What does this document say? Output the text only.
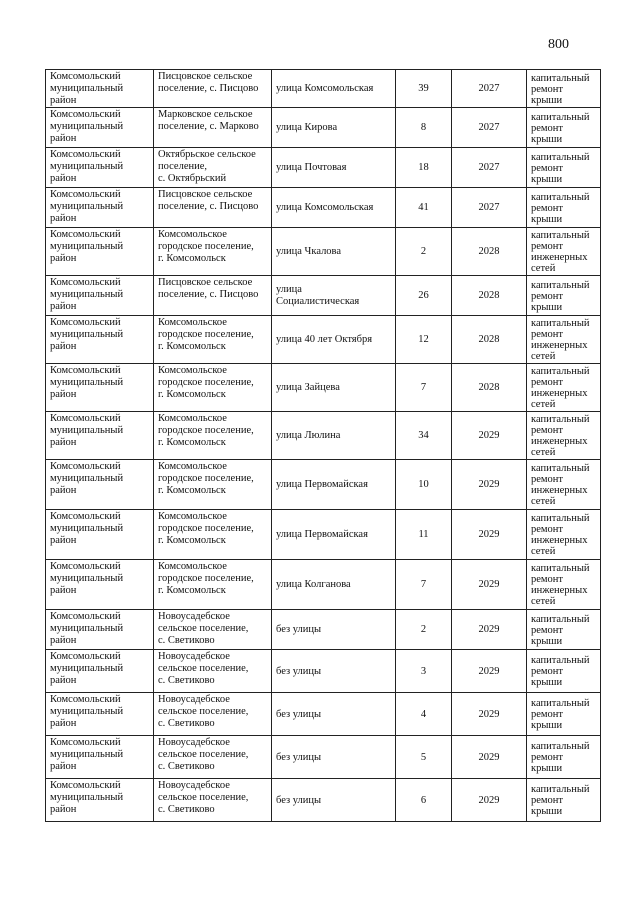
800
Комсомольский
муниципальный
район	Писцовское сельское
поселение, с. Писцово	улица Комсомольская	39	2027	капитальный
ремонт крыши

Комсомольский
муниципальный
район	Марковское сельское
поселение, с. Марково	улица Кирова	8	2027	капитальный
ремонт крыши

Комсомольский
муниципальный
район	Октябрьское сельское
поселение,
с. Октябрьский	улица Почтовая	18	2027	капитальный
ремонт крыши

Комсомольский
муниципальный
район	Писцовское сельское
поселение, с. Писцово	улица Комсомольская	41	2027	капитальный
ремонт крыши

Комсомольский
муниципальный
район	Комсомольское
городское поселение,
г. Комсомольск	улица Чкалова	2	2028	капитальный
ремонт
инженерных
сетей

Комсомольский
муниципальный
район	Писцовское сельское
поселение, с. Писцово	улица
Социалистическая	26	2028	капитальный
ремонт крыши

Комсомольский
муниципальный
район	Комсомольское
городское поселение,
г. Комсомольск	улица 40 лет Октября	12	2028	капитальный
ремонт
инженерных
сетей

Комсомольский
муниципальный
район	Комсомольское
городское поселение,
г. Комсомольск	улица Зайцева	7	2028	капитальный
ремонт
инженерных
сетей

Комсомольский
муниципальный
район	Комсомольское
городское поселение,
г. Комсомольск	улица Люлина	34	2029	капитальный
ремонт
инженерных
сетей

Комсомольский
муниципальный
район	Комсомольское
городское поселение,
г. Комсомольск	улица Первомайская	10	2029	капитальный
ремонт
инженерных
сетей

Комсомольский
муниципальный
район	Комсомольское
городское поселение,
г. Комсомольск	улица Первомайская	11	2029	капитальный
ремонт
инженерных
сетей

Комсомольский
муниципальный
район	Комсомольское
городское поселение,
г. Комсомольск	улица Колганова	7	2029	капитальный
ремонт
инженерных
сетей

Комсомольский
муниципальный
район	Новоусадебское
сельское поселение,
с. Светиково	без улицы	2	2029	капитальный
ремонт крыши

Комсомольский
муниципальный
район	Новоусадебское
сельское поселение,
с. Светиково	без улицы	3	2029	капитальный
ремонт крыши

Комсомольский
муниципальный
район	Новоусадебское
сельское поселение,
с. Светиково	без улицы	4	2029	капитальный
ремонт крыши

Комсомольский
муниципальный
район	Новоусадебское
сельское поселение,
с. Светиково	без улицы	5	2029	капитальный
ремонт крыши

Комсомольский
муниципальный
район	Новоусадебское
сельское поселение,
с. Светиково	без улицы	6	2029	капитальный
ремонт крыши
